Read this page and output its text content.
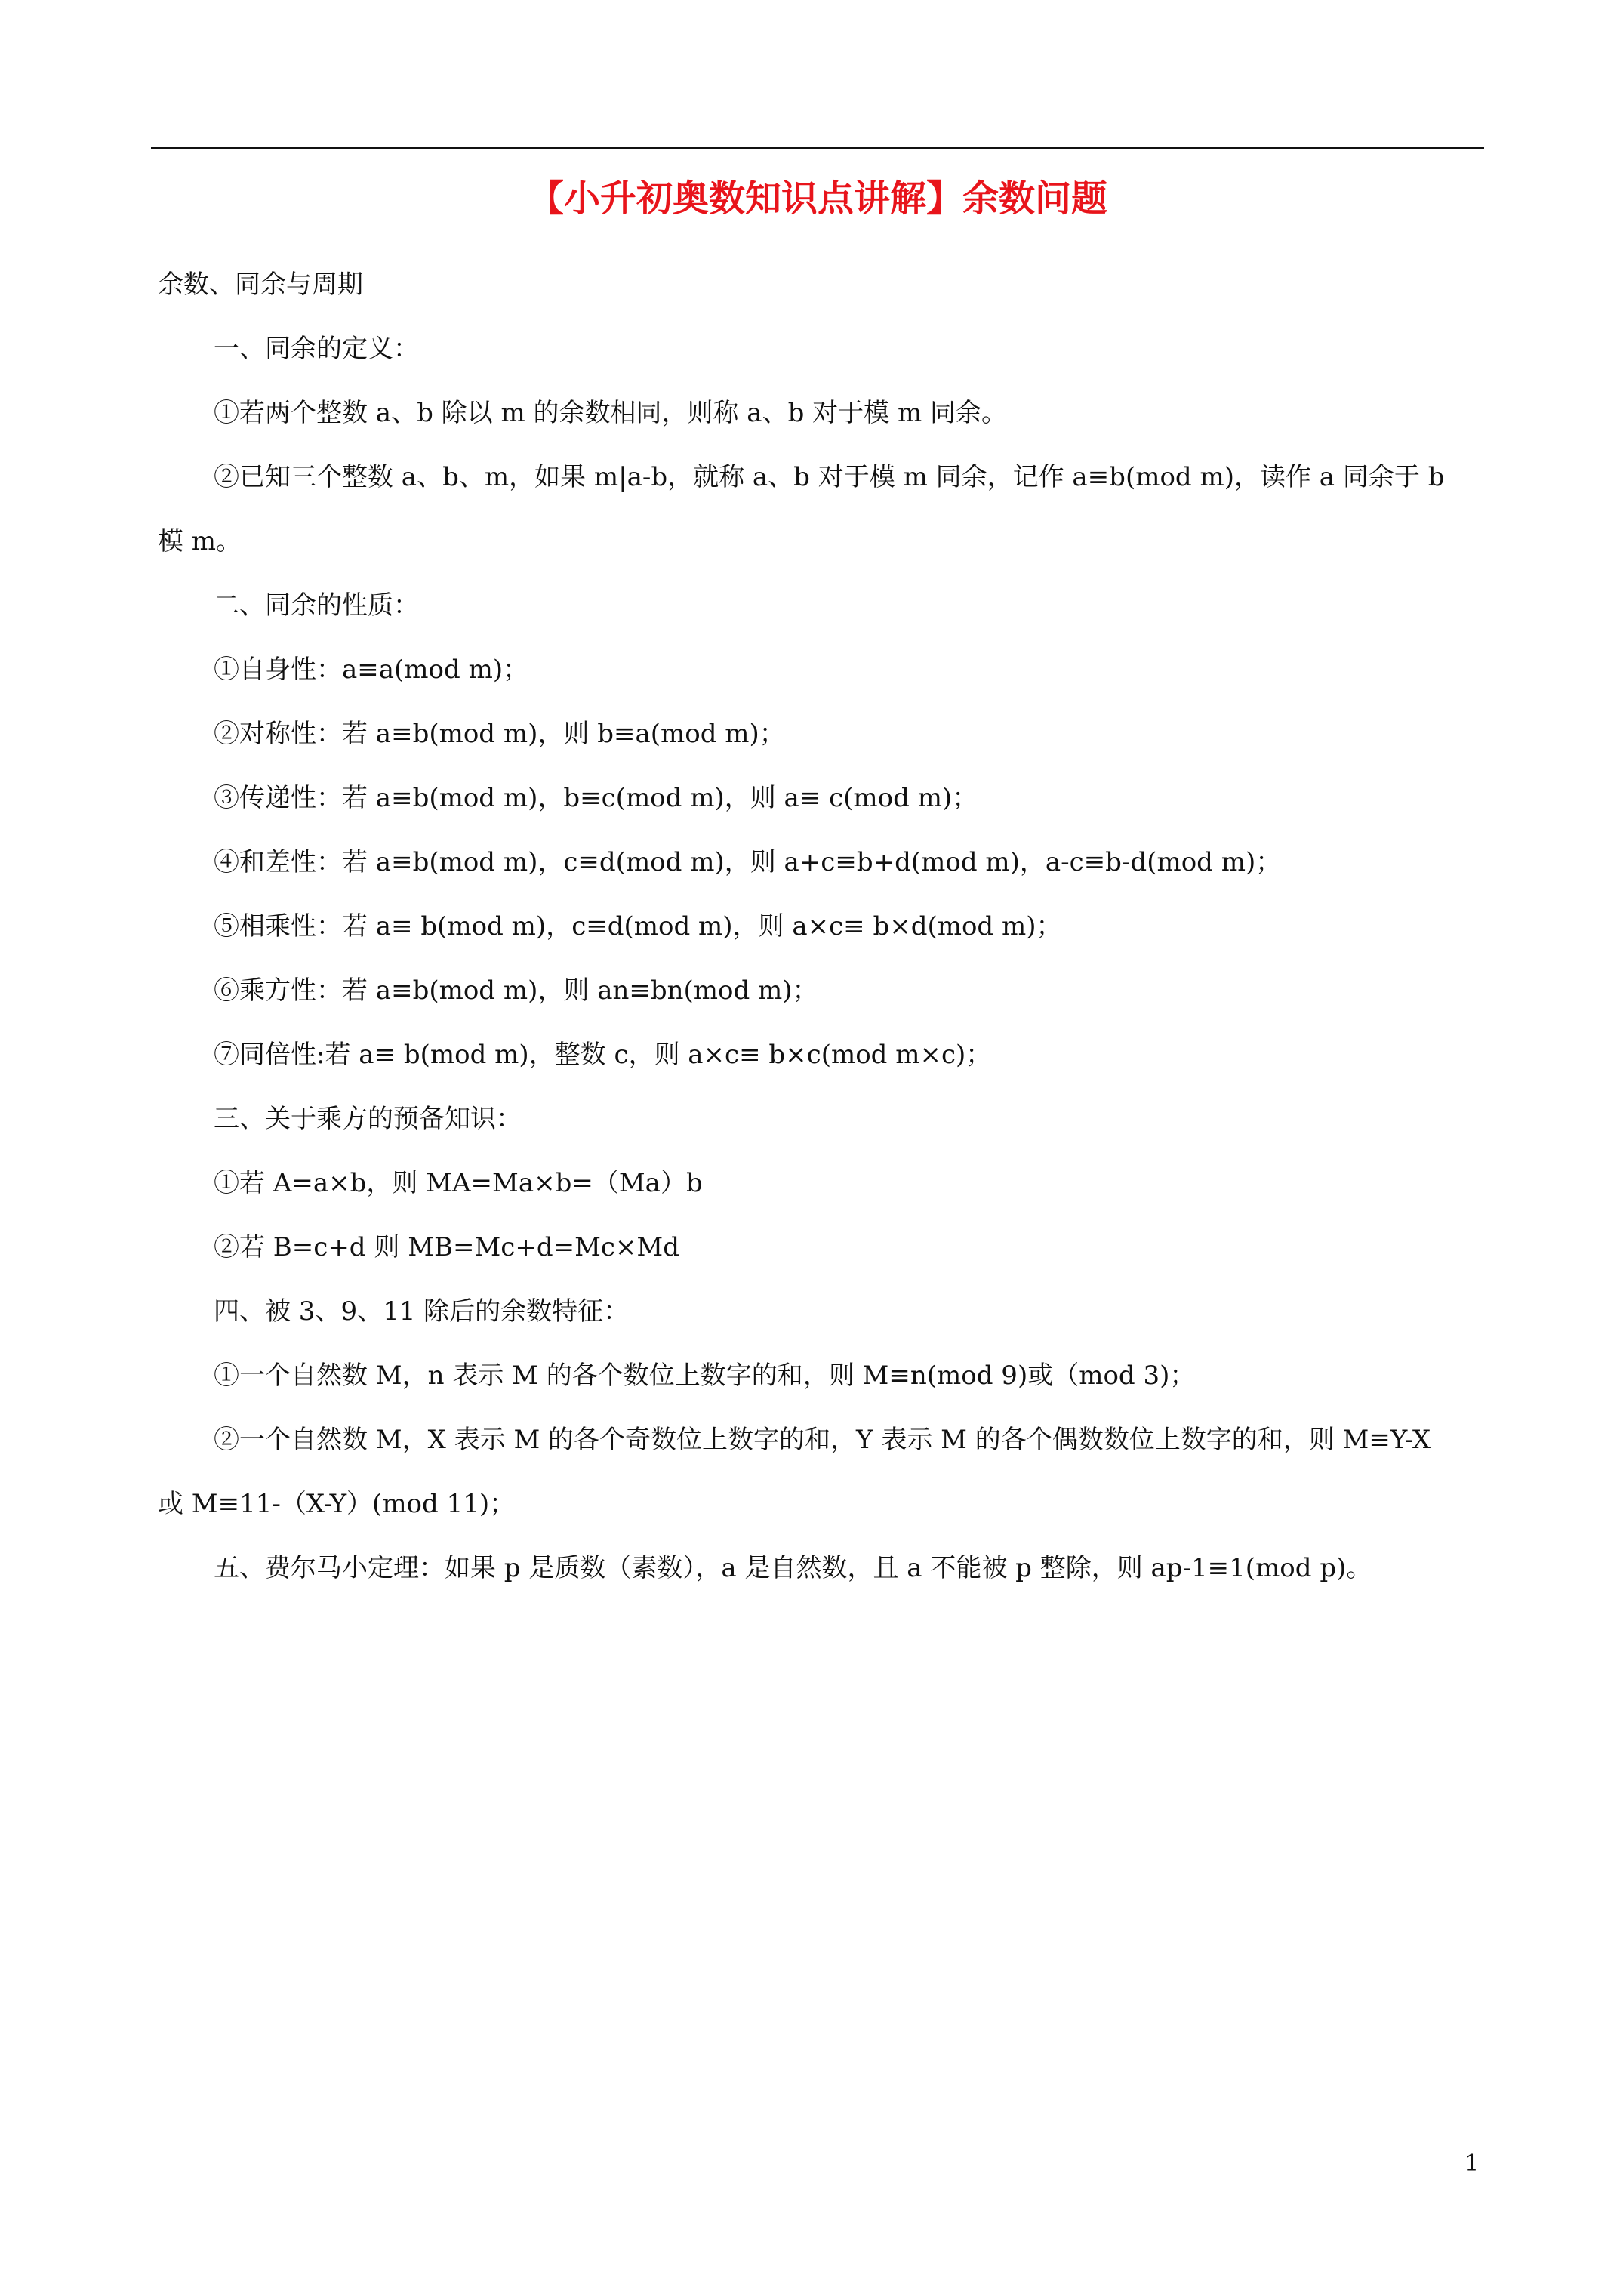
【小升初奥数知识点讲解】余数问题
余数、同余与周期
一、同余的定义：
①若两个整数 a、b 除以 m 的余数相同，则称 a、b 对于模 m 同余。
②已知三个整数 a、b、m，如果 m|a-b，就称 a、b 对于模 m 同余，记作 a≡b(mod m)，读作 a 同余于 b
模 m。
二、同余的性质：
①自身性：a≡a(mod m)；
②对称性：若 a≡b(mod m)，则 b≡a(mod m)；
③传递性：若 a≡b(mod m)，b≡c(mod m)，则 a≡ c(mod m)；
④和差性：若 a≡b(mod m)，c≡d(mod m)，则 a+c≡b+d(mod m)，a-c≡b-d(mod m)；
⑤相乘性：若 a≡ b(mod m)，c≡d(mod m)，则 a×c≡ b×d(mod m)；
⑥乘方性：若 a≡b(mod m)，则 an≡bn(mod m)；
⑦同倍性:若 a≡ b(mod m)，整数 c，则 a×c≡ b×c(mod m×c)；
三、关于乘方的预备知识：
①若 A=a×b，则 MA=Ma×b=（Ma）b
②若 B=c+d 则 MB=Mc+d=Mc×Md
四、被 3、9、11 除后的余数特征：
①一个自然数 M，n 表示 M 的各个数位上数字的和，则 M≡n(mod 9)或（mod 3)；
②一个自然数 M，X 表示 M 的各个奇数位上数字的和，Y 表示 M 的各个偶数数位上数字的和，则 M≡Y-X
或 M≡11-（X-Y）(mod 11)；
五、费尔马小定理：如果 p 是质数（素数），a 是自然数，且 a 不能被 p 整除，则 ap-1≡1(mod p)。
1
